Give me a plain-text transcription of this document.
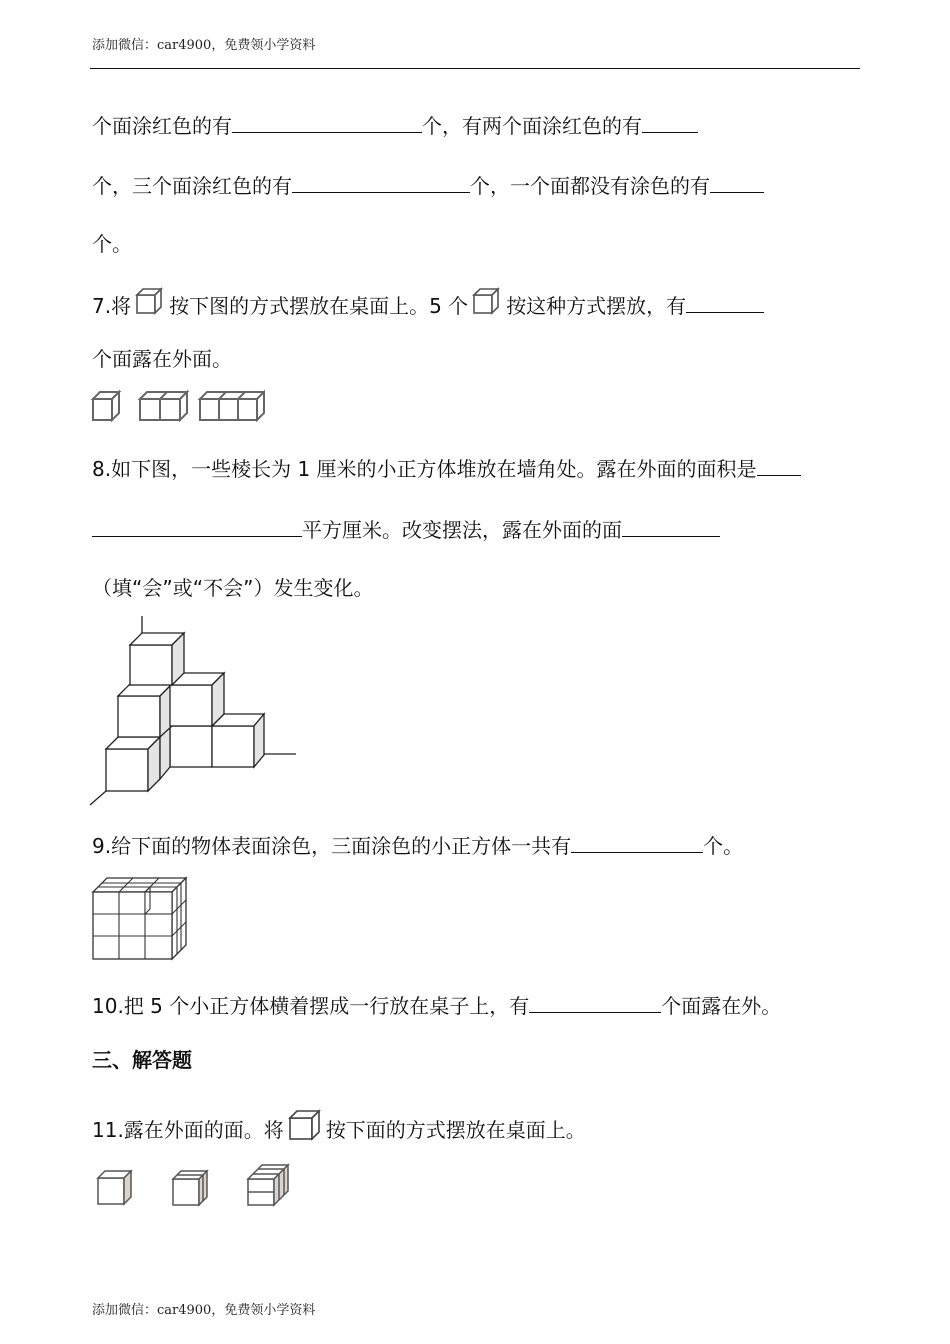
添加微信：car4900，免费领小学资料
个面涂红色的有	个，有两个面涂红色的有
个，三个面涂红色的有	个，一个面都没有涂色的有
个。
7.将 按下图的方式摆放在桌面上。5 个 按这种方式摆放，有
个面露在外面。
8.如下图，一些棱长为 1 厘米的小正方体堆放在墙角处。露在外面的面积是
平方厘米。改变摆法，露在外面的面
（填“会”或“不会”）发生变化。
9.给下面的物体表面涂色，三面涂色的小正方体一共有	个。
10.把 5 个小正方体横着摆成一行放在桌子上，有	个面露在外。
三、解答题
11.露在外面的面。将 按下面的方式摆放在桌面上。
添加微信：car4900，免费领小学资料
